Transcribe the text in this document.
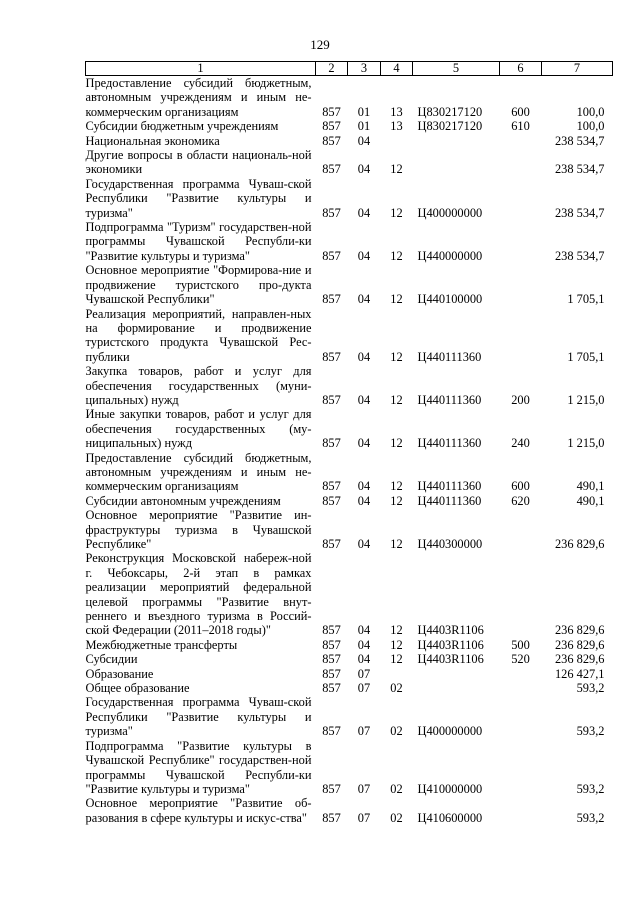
129
1	2	3	4	5	6	7
Предоставление субсидий бюджетным, автономным учреждениям и иным не-коммерческим организациям	857	01	13	Ц830217120	600	100,0
Субсидии бюджетным учреждениям	857	01	13	Ц830217120	610	100,0
Национальная экономика	857	04				238 534,7
Другие вопросы в области националь-ной экономики	857	04	12			238 534,7
Государственная программа Чуваш-ской Республики "Развитие культуры и туризма"	857	04	12	Ц400000000		238 534,7
Подпрограмма "Туризм" государствен-ной программы Чувашской Республи-ки "Развитие культуры и туризма"	857	04	12	Ц440000000		238 534,7
Основное мероприятие "Формирова-ние и продвижение туристского про-дукта Чувашской Республики"	857	04	12	Ц440100000		1 705,1
Реализация мероприятий, направлен-ных на формирование и продвижение туристского продукта Чувашской Рес-публики	857	04	12	Ц440111360		1 705,1
Закупка товаров, работ и услуг для обеспечения государственных (муни-ципальных) нужд	857	04	12	Ц440111360	200	1 215,0
Иные закупки товаров, работ и услуг для обеспечения государственных (му-ниципальных) нужд	857	04	12	Ц440111360	240	1 215,0
Предоставление субсидий бюджетным, автономным учреждениям и иным не-коммерческим организациям	857	04	12	Ц440111360	600	490,1
Субсидии автономным учреждениям	857	04	12	Ц440111360	620	490,1
Основное мероприятие "Развитие ин-фраструктуры туризма в Чувашской Республике"	857	04	12	Ц440300000		236 829,6
Реконструкция Московской набереж-ной г. Чебоксары, 2-й этап в рамках реализации мероприятий федеральной целевой программы "Развитие внут-реннего и въездного туризма в Россий-ской Федерации (2011–2018 годы)"	857	04	12	Ц4403R1106		236 829,6
Межбюджетные трансферты	857	04	12	Ц4403R1106	500	236 829,6
Субсидии	857	04	12	Ц4403R1106	520	236 829,6
Образование	857	07				126 427,1
Общее образование	857	07	02			593,2
Государственная программа Чуваш-ской Республики "Развитие культуры и туризма"	857	07	02	Ц400000000		593,2
Подпрограмма "Развитие культуры в Чувашской Республике" государствен-ной программы Чувашской Республи-ки "Развитие культуры и туризма"	857	07	02	Ц410000000		593,2
Основное мероприятие "Развитие об-разования в сфере культуры и искус-ства"	857	07	02	Ц410600000		593,2
